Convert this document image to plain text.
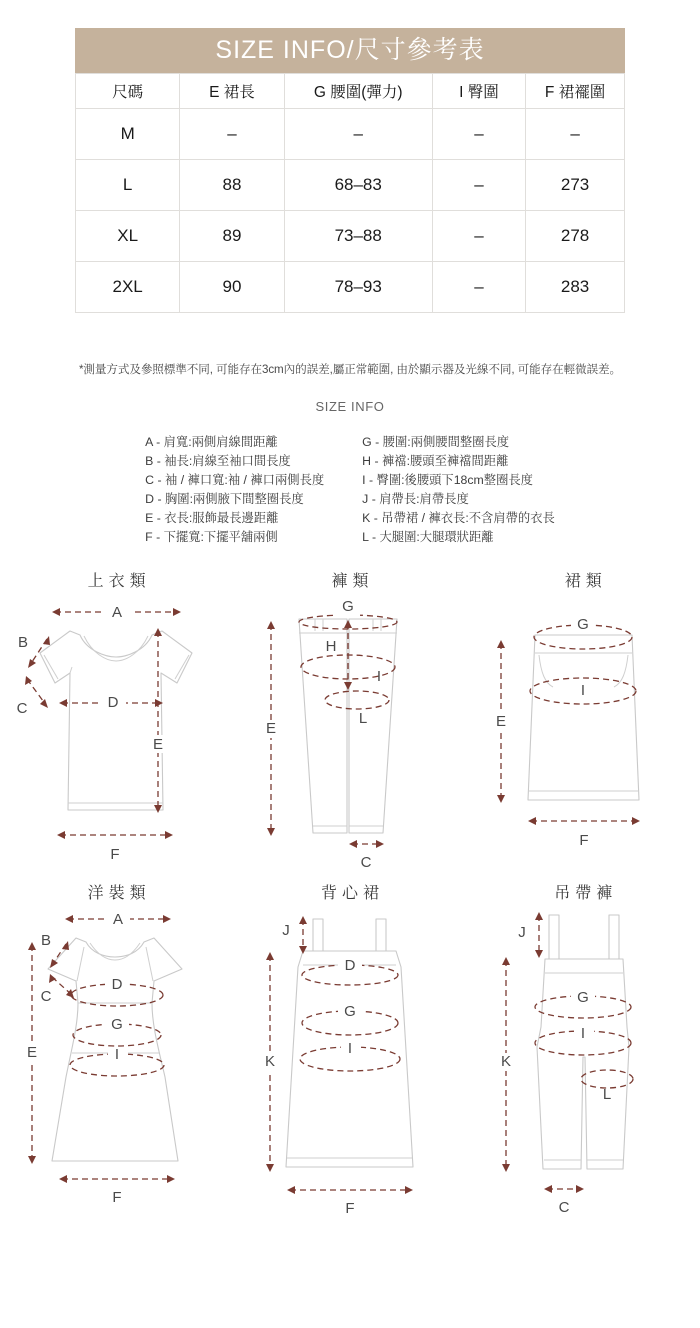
SIZE INFO/尺寸參考表
尺碼	E 裙長	G 腰圍(彈力)	I 臀圍	F 裙襬圍
M	–	–	–	–
L	88	68–83	–	273
XL	89	73–88	–	278
2XL	90	78–93	–	283
*測量方式及參照標準不同, 可能存在3cm內的誤差,屬正常範圍, 由於顯示器及光線不同, 可能存在輕微誤差。
SIZE INFO
A - 肩寬:兩側肩線間距離
B - 袖長:肩線至袖口間長度
C - 袖 / 褲口寬:袖 / 褲口兩側長度
D - 胸圍:兩側腋下間整圈長度
E - 衣長:服飾最長邊距離
F - 下擺寬:下擺平舖兩側
G - 腰圍:兩側腰間整圈長度
H - 褲襠:腰頭至褲襠間距離
I - 臀圍:後腰頭下18cm整圈長度
J - 肩帶長:肩帶長度
K - 吊帶裙 / 褲衣長:不含肩帶的衣長
L - 大腿圍:大腿環狀距離
上衣類
A
B
C	D
E
F
褲類
G
H
I
L
E
C
裙類
G
I
E
F
洋裝類
A
B
C
D
G
I
E
F
背心裙
J
D
G
I
K
F
吊帶褲
J
G
I
L
K
C
